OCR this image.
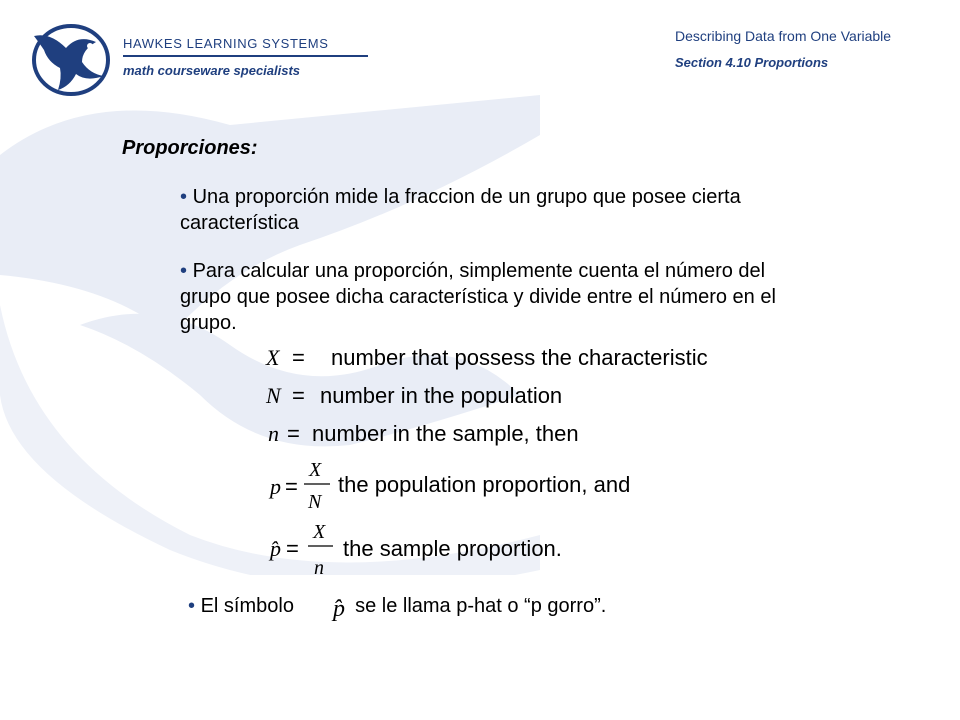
HAWKES LEARNING SYSTEMS
math courseware specialists
Describing Data from One Variable
Section 4.10 Proportions
Proporciones:
• Una proporción mide la fraccion de un grupo que posee cierta característica
• Para calcular una proporción, simplemente cuenta el número del grupo que posee dicha característica y divide entre el número en el grupo.
X = number that possess the characteristic
N = number in the population
n = number in the sample, then
p =
X
N
the population proportion, and
p̂ =
X
n
the sample proportion.
• El símbolo	se le llama p-hat o “p gorro”.
p̂
